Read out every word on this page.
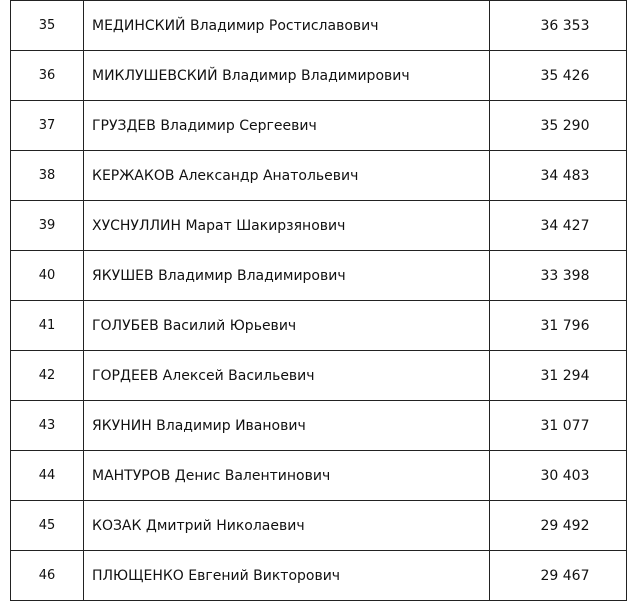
35	МЕДИНСКИЙ Владимир Ростиславович	36 353
36	МИКЛУШЕВСКИЙ Владимир Владимирович	35 426
37	ГРУЗДЕВ Владимир Сергеевич	35 290
38	КЕРЖАКОВ Александр Анатольевич	34 483
39	ХУСНУЛЛИН Марат Шакирзянович	34 427
40	ЯКУШЕВ Владимир Владимирович	33 398
41	ГОЛУБЕВ Василий Юрьевич	31 796
42	ГОРДЕЕВ Алексей Васильевич	31 294
43	ЯКУНИН Владимир Иванович	31 077
44	МАНТУРОВ Денис Валентинович	30 403
45	КОЗАК Дмитрий Николаевич	29 492
46	ПЛЮЩЕНКО Евгений Викторович	29 467
